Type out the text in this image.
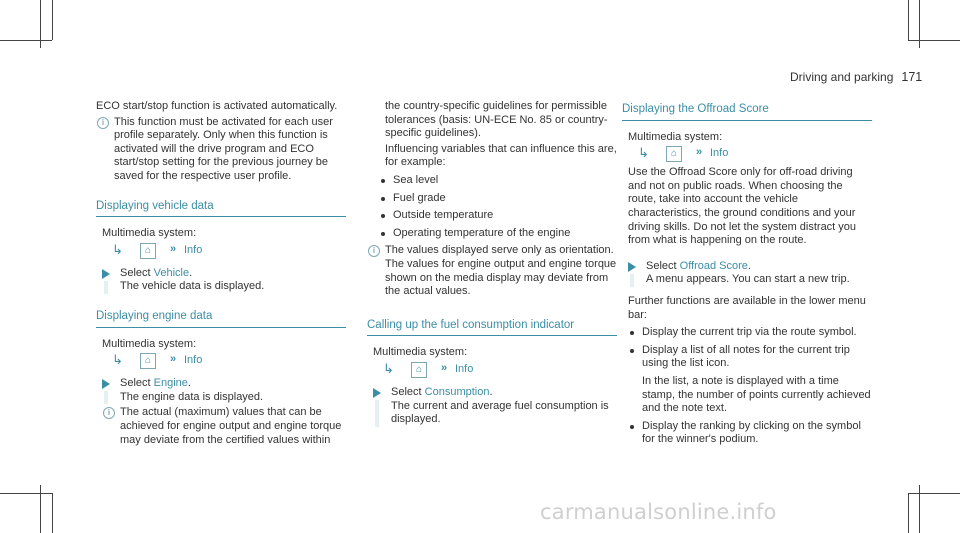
Driving and parking 171

ECO start/stop function is activated automatically.

i This function must be activated for each user profile separately. Only when this function is activated will the drive program and ECO start/stop setting for the previous journey be saved for the respective user profile.
Displaying vehicle data
Multimedia system:
↳	⌂	» Info
Select Vehicle.
The vehicle data is displayed.
Displaying engine data
Multimedia system:
↳	⌂	» Info
Select Engine.
The engine data is displayed.
i The actual (maximum) values that can be achieved for engine output and engine torque may deviate from the certified values within
the country-specific guidelines for permissible tolerances (basis: UN-ECE No. 85 or country-specific guidelines).
Influencing variables that can influence this are, for example:
Sea level
Fuel grade
Outside temperature
Operating temperature of the engine
i The values displayed serve only as orientation. The values for engine output and engine torque shown on the media display may deviate from the actual values.
Calling up the fuel consumption indicator
Multimedia system:
↳	⌂	» Info
Select Consumption.
The current and average fuel consumption is displayed.
Displaying the Offroad Score
Multimedia system:
↳	⌂	» Info
Use the Offroad Score only for off-road driving and not on public roads. When choosing the route, take into account the vehicle characteristics, the ground conditions and your driving skills. Do not let the system distract you from what is happening on the route.
Select Offroad Score.
A menu appears. You can start a new trip.
Further functions are available in the lower menu bar:
Display the current trip via the route symbol.
Display a list of all notes for the current trip using the list icon.
In the list, a note is displayed with a time stamp, the number of points currently achieved and the note text.
Display the ranking by clicking on the symbol for the winner's podium.
carmanualsonline.info
